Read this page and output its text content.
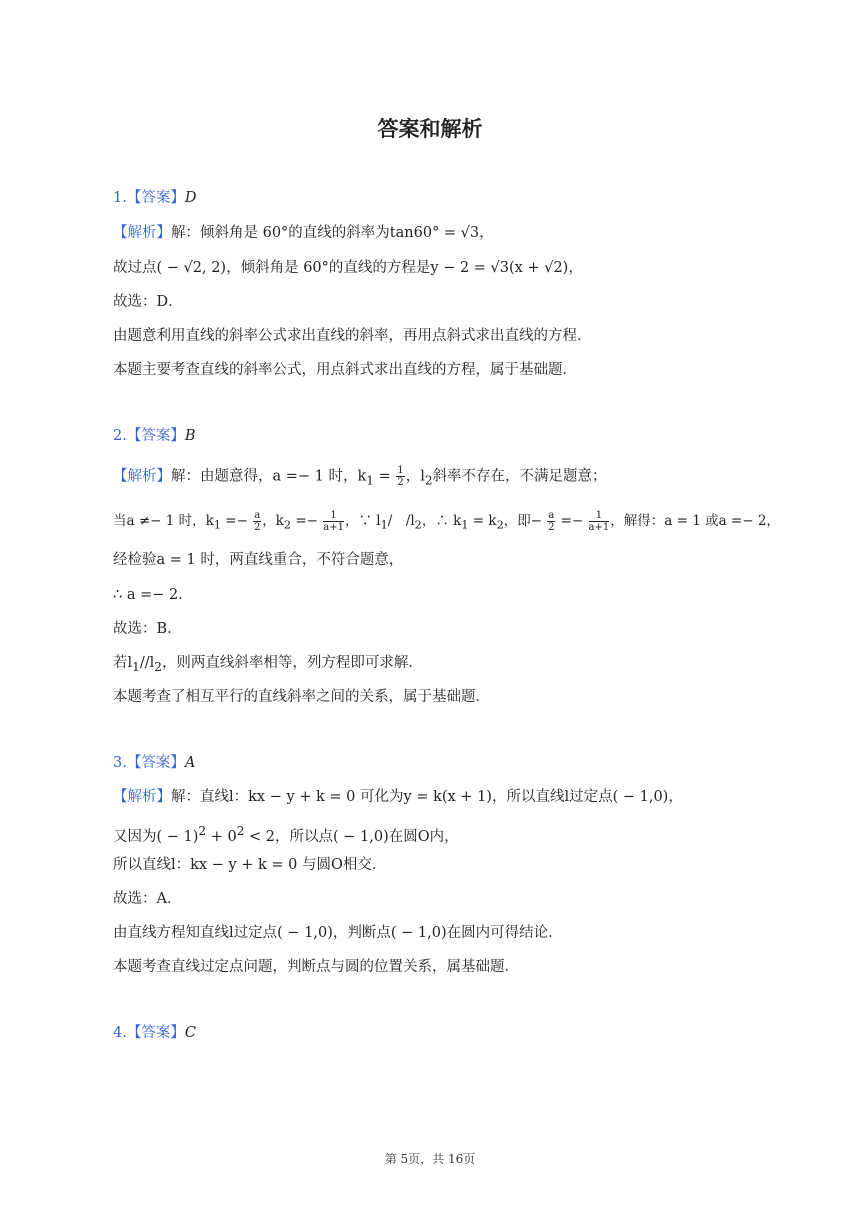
答案和解析
1.【答案】D
【解析】解：倾斜角是 60°的直线的斜率为tan60° = √3，
故过点( − √2, 2)，倾斜角是 60°的直线的方程是y − 2 = √3(x + √2)，
故选：D．
由题意利用直线的斜率公式求出直线的斜率，再用点斜式求出直线的方程．
本题主要考查直线的斜率公式，用点斜式求出直线的方程，属于基础题．
2.【答案】B
【解析】解：由题意得，a =− 1 时，$k_1 = \frac{1}{2}$ ，$l_2$斜率不存在，不满足题意；
当a ≠− 1 时，$k_1 =- \frac{a}{2}$ ，$k_2 =- \frac{1}{a+1}$ ，∵ $l_1/$　$/l_2$，∴ $k_1 = k_2$，即− $\frac{a}{2} =- \frac{1}{a+1}$ ，解得：a = 1 或a =− 2，
经检验a = 1 时，两直线重合，不符合题意，
∴ a =− 2．
故选：B．
若$l_1//l_2$，则两直线斜率相等，列方程即可求解．
本题考查了相互平行的直线斜率之间的关系，属于基础题．
3.【答案】A
【解析】解：直线l：kx − y + k = 0 可化为y = k(x + 1)，所以直线l过定点( − 1,0)，
又因为( − $1)^2 + 0^2 < 2$，所以点( − 1,0)在圆O内，
所以直线l：kx − y + k = 0 与圆O相交．
故选：A．
由直线方程知直线l过定点( − 1,0)，判断点( − 1,0)在圆内可得结论．
本题考查直线过定点问题，判断点与圆的位置关系，属基础题．
4.【答案】C
第 5页，共 16页
